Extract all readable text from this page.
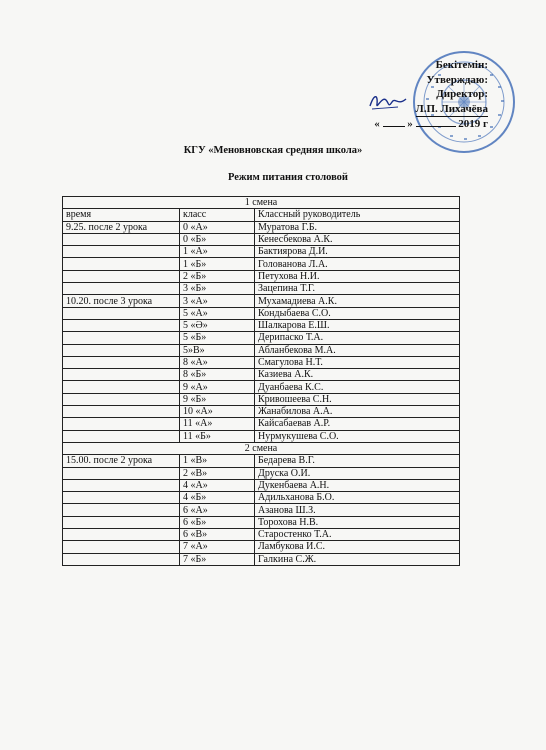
Бекітемін:
Утверждаю:
Директор:
Л.П. Лихачёва
«	»	2019 г
КГУ «Меновновская средняя школа»
Режим питания столовой
1 смена		
время	класс	Классный руководитель
9.25. после 2 урока	0 «А»	Муратова Г.Б.
	0 «Б»	Кенесбекова А.К.
	1 «А»	Бактиярова Д.И.
	1 «Б»	Голованова Л.А.
	2 «Б»	Петухова Н.И.
	3 «Б»	Зацепина Т.Г.
10.20. после 3 урока	3 «А»	Мухамадиева А.К.
	5 «А»	Кондыбаева С.О.
	5 «Ә»	Шалкарова Е.Ш.
	5 «Б»	Дерипаско Т.А.
	5»В»	Абланбекова М.А.
	8 «А»	Смагулова Н.Т.
	8 «Б»	Казиева А.К.
	9 «А»	Дуанбаева К.С.
	9 «Б»	Кривошеева С.Н.
	10 «А»	Жанабилова А.А.
	11 «А»	Кайсабаевав А.Р.
	11 «Б»	Нурмукушева С.О.
2 смена		
15.00. после 2 урока	1 «В»	Бедарева В.Г.
	2 «В»	Друска О.И.
	4 «А»	Дукенбаева А.Н.
	4 «Б»	Адильханова Б.О.
	6 «А»	Азанова Ш.З.
	6 «Б»	Торохова Н.В.
	6 «В»	Старостенко Т.А.
	7 «А»	Ламбукова И.С.
	7 «Б»	Галкина С.Ж.
